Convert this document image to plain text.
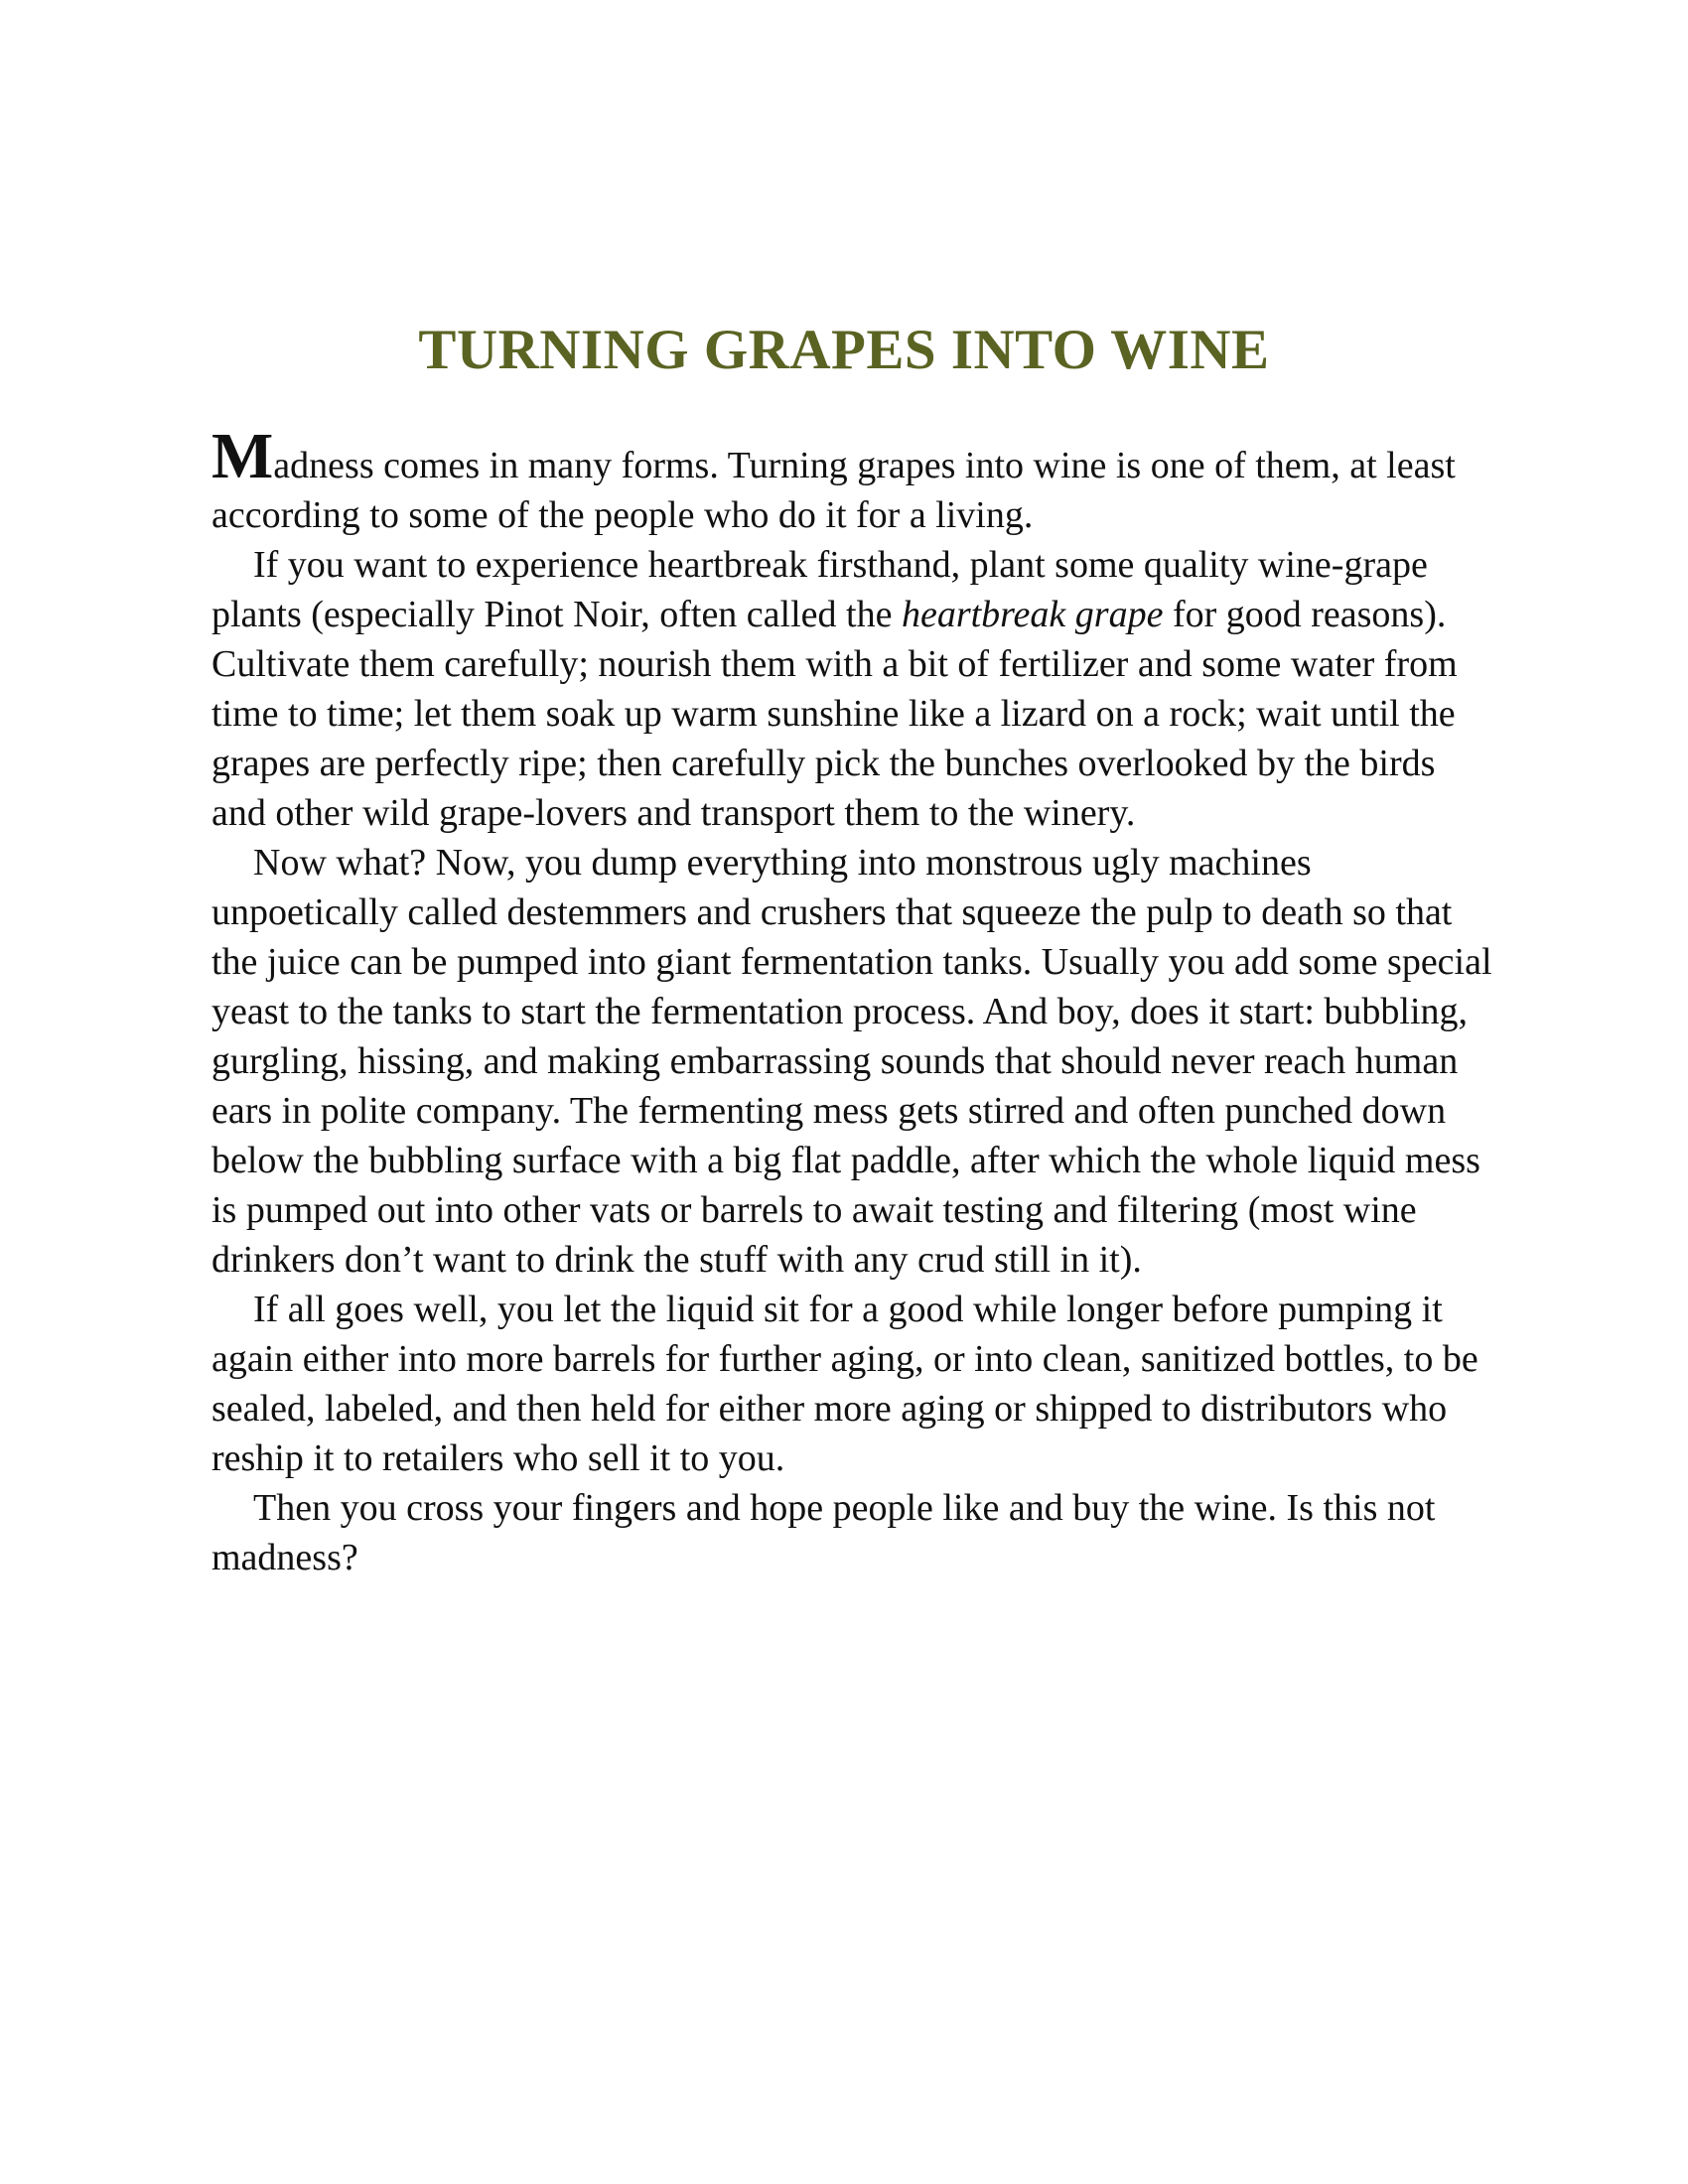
TURNING GRAPES INTO WINE

Madness comes in many forms. Turning grapes into wine is one of them, at least according to some of the people who do it for a living.

If you want to experience heartbreak firsthand, plant some quality wine-grape plants (especially Pinot Noir, often called the heartbreak grape for good reasons). Cultivate them carefully; nourish them with a bit of fertilizer and some water from time to time; let them soak up warm sunshine like a lizard on a rock; wait until the grapes are perfectly ripe; then carefully pick the bunches overlooked by the birds and other wild grape-lovers and transport them to the winery.

Now what? Now, you dump everything into monstrous ugly machines unpoetically called destemmers and crushers that squeeze the pulp to death so that the juice can be pumped into giant fermentation tanks. Usually you add some special yeast to the tanks to start the fermentation process. And boy, does it start: bubbling, gurgling, hissing, and making embarrassing sounds that should never reach human ears in polite company. The fermenting mess gets stirred and often punched down below the bubbling surface with a big flat paddle, after which the whole liquid mess is pumped out into other vats or barrels to await testing and filtering (most wine drinkers don’t want to drink the stuff with any crud still in it).

If all goes well, you let the liquid sit for a good while longer before pumping it again either into more barrels for further aging, or into clean, sanitized bottles, to be sealed, labeled, and then held for either more aging or shipped to distributors who reship it to retailers who sell it to you.

Then you cross your fingers and hope people like and buy the wine. Is this not madness?
